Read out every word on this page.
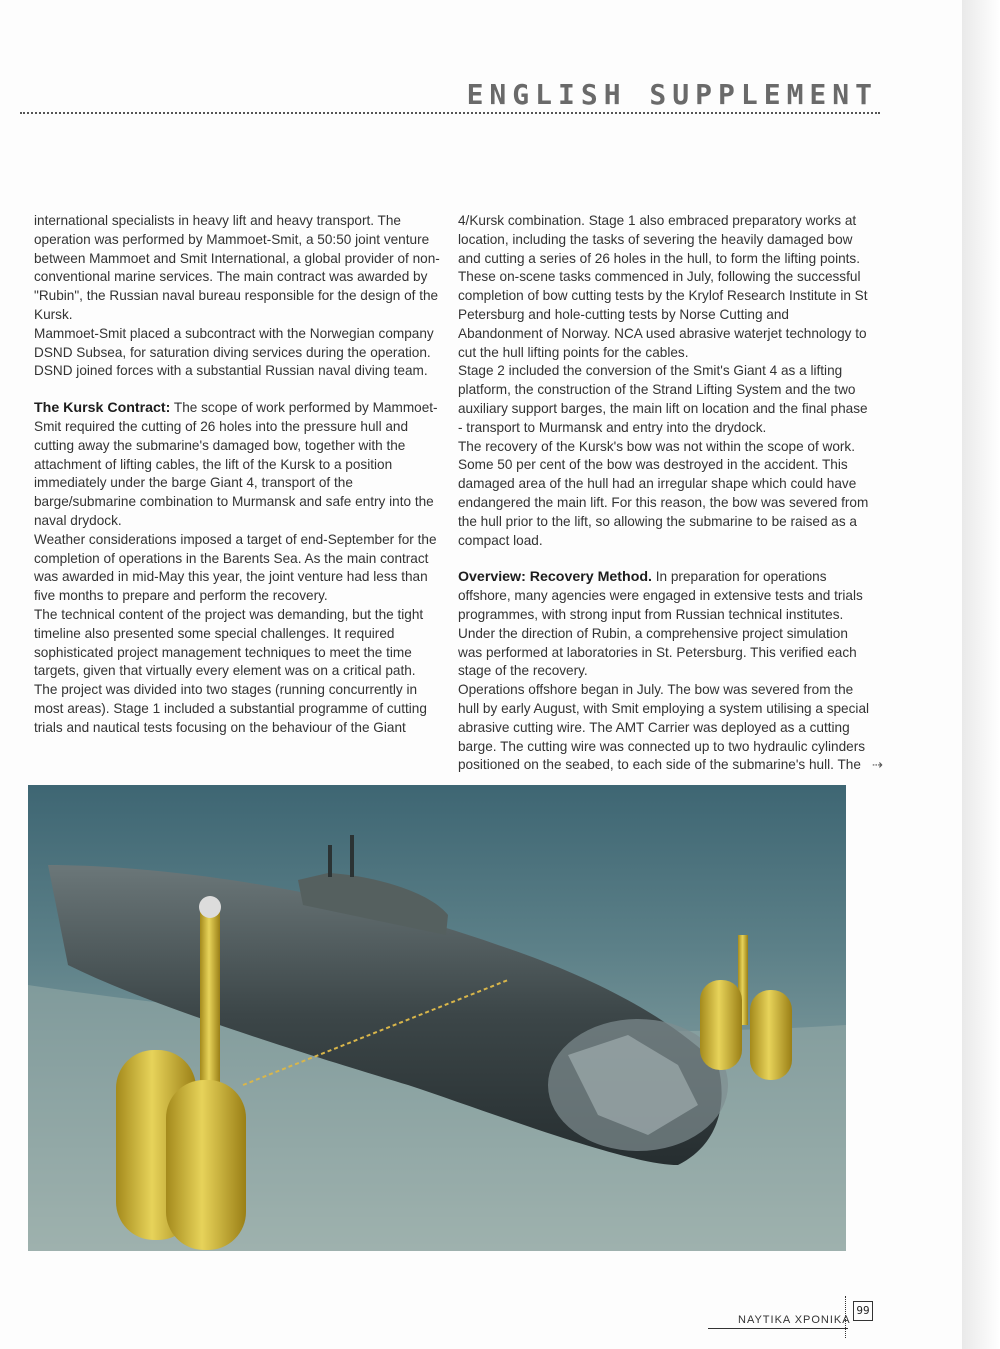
ENGLISH SUPPLEMENT

international specialists in heavy lift and heavy transport. The operation was performed by Mammoet-Smit, a 50:50 joint venture between Mammoet and Smit International, a global provider of non-conventional marine services. The main contract was awarded by "Rubin", the Russian naval bureau responsible for the design of the Kursk.

Mammoet-Smit placed a subcontract with the Norwegian company DSND Subsea, for saturation diving services during the operation. DSND joined forces with a substantial Russian naval diving team.

The Kursk Contract: The scope of work performed by Mammoet-Smit required the cutting of 26 holes into the pressure hull and cutting away the submarine's damaged bow, together with the attachment of lifting cables, the lift of the Kursk to a position immediately under the barge Giant 4, transport of the barge/submarine combination to Murmansk and safe entry into the naval drydock.

Weather considerations imposed a target of end-September for the completion of operations in the Barents Sea. As the main contract was awarded in mid-May this year, the joint venture had less than five months to prepare and perform the recovery.

The technical content of the project was demanding, but the tight timeline also presented some special challenges. It required sophisticated project management techniques to meet the time targets, given that virtually every element was on a critical path.

The project was divided into two stages (running concurrently in most areas). Stage 1 included a substantial programme of cutting trials and nautical tests focusing on the behaviour of the Giant

4/Kursk combination. Stage 1 also embraced preparatory works at location, including the tasks of severing the heavily damaged bow and cutting a series of 26 holes in the hull, to form the lifting points. These on-scene tasks commenced in July, following the successful completion of bow cutting tests by the Krylof Research Institute in St Petersburg and hole-cutting tests by Norse Cutting and Abandonment of Norway. NCA used abrasive waterjet technology to cut the hull lifting points for the cables.

Stage 2 included the conversion of the Smit's Giant 4 as a lifting platform, the construction of the Strand Lifting System and the two auxiliary support barges, the main lift on location and the final phase - transport to Murmansk and entry into the drydock.

The recovery of the Kursk's bow was not within the scope of work. Some 50 per cent of the bow was destroyed in the accident. This damaged area of the hull had an irregular shape which could have endangered the main lift. For this reason, the bow was severed from the hull prior to the lift, so allowing the submarine to be raised as a compact load.

Overview: Recovery Method. In preparation for operations offshore, many agencies were engaged in extensive tests and trials programmes, with strong input from Russian technical institutes. Under the direction of Rubin, a comprehensive project simulation was performed at laboratories in St. Petersburg. This verified each stage of the recovery.

Operations offshore began in July. The bow was severed from the hull by early August, with Smit employing a system utilising a special abrasive cutting wire. The AMT Carrier was deployed as a cutting barge. The cutting wire was connected up to two hydraulic cylinders positioned on the seabed, to each side of the submarine's hull. The ⇢
ΝΑΥΤΙΚΑ ΧΡΟΝΙΚΑ
99
